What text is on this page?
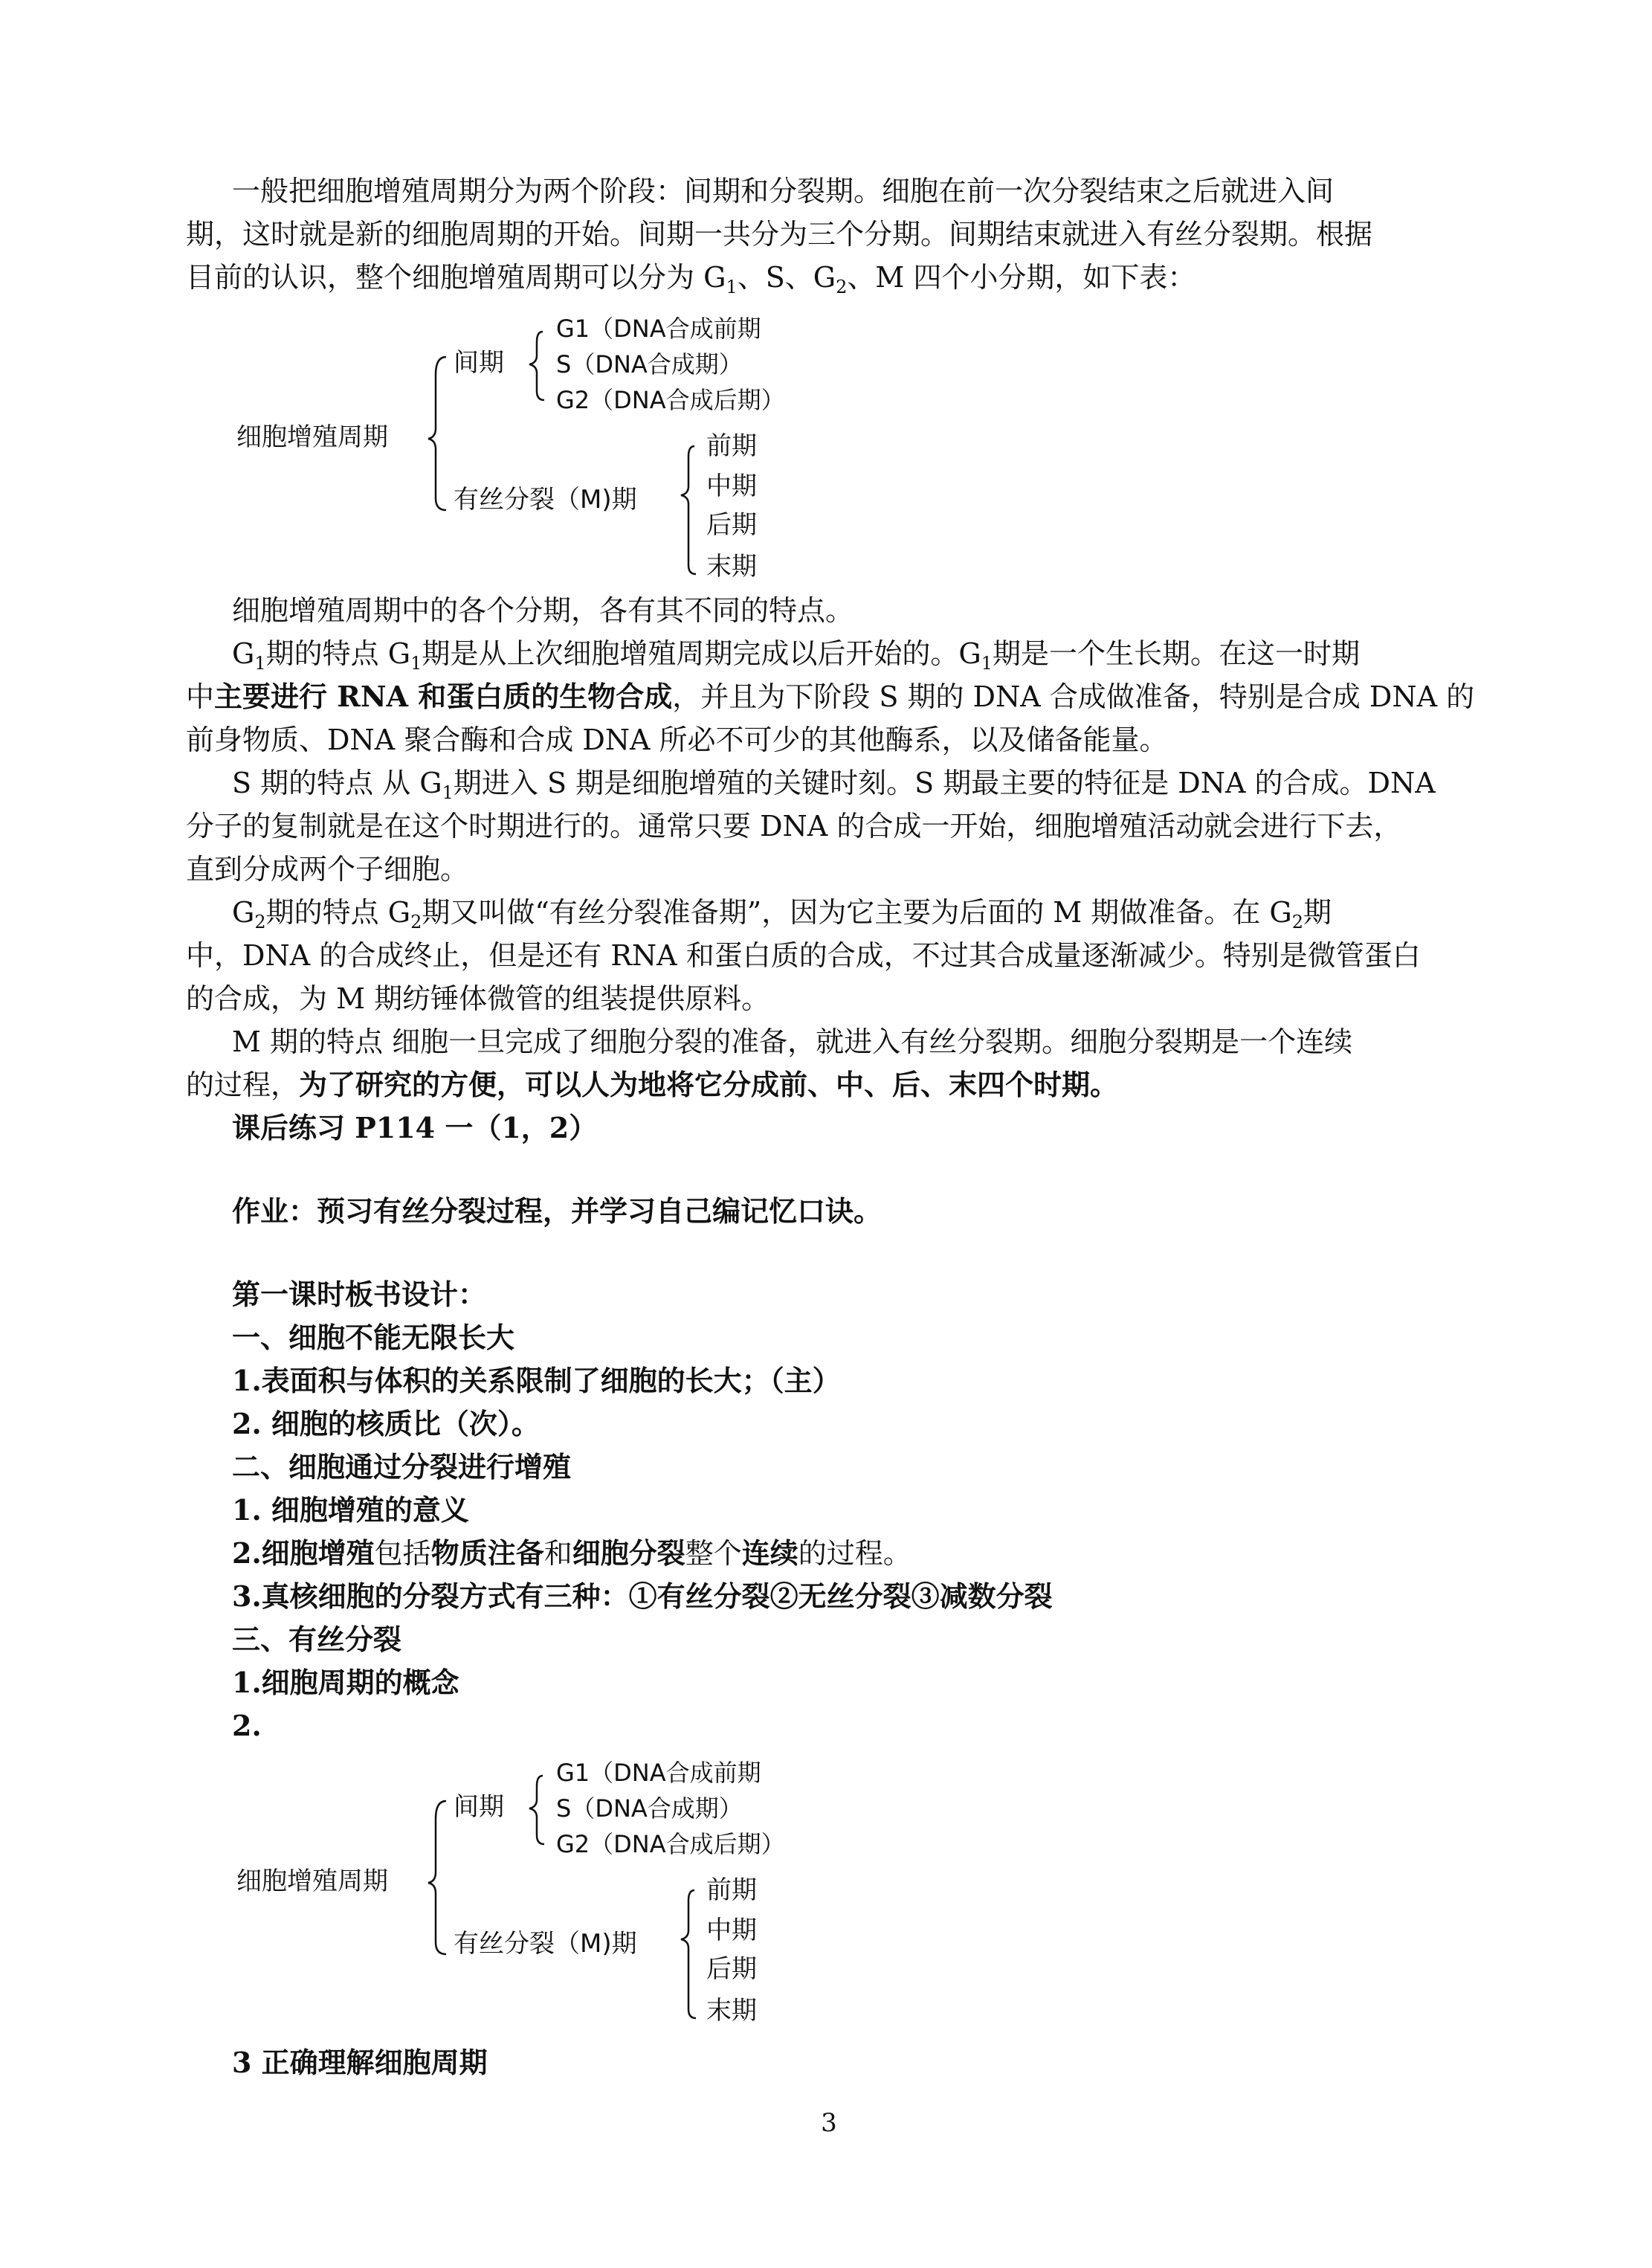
一般把细胞增殖周期分为两个阶段：间期和分裂期。细胞在前一次分裂结束之后就进入间

期，这时就是新的细胞周期的开始。间期一共分为三个分期。间期结束就进入有丝分裂期。根据

目前的认识，整个细胞增殖周期可以分为 $G_1$、S、$G_2$、M 四个小分期，如下表：

细胞增殖周期
间期
G1（DNA合成前期
S（DNA合成期）
G2（DNA合成后期）
有丝分裂（M)期
前期
中期
后期
末期

细胞增殖周期中的各个分期，各有其不同的特点。

$G_1$期的特点 $G_1$期是从上次细胞增殖周期完成以后开始的。$G_1$期是一个生长期。在这一时期

中主要进行 RNA 和蛋白质的生物合成，并且为下阶段 S 期的 DNA 合成做准备，特别是合成 DNA 的

前身物质、DNA 聚合酶和合成 DNA 所必不可少的其他酶系，以及储备能量。

S 期的特点 从 $G_1$期进入 S 期是细胞增殖的关键时刻。S 期最主要的特征是 DNA 的合成。DNA

分子的复制就是在这个时期进行的。通常只要 DNA 的合成一开始，细胞增殖活动就会进行下去，

直到分成两个子细胞。

$G_2$期的特点 $G_2$期又叫做“有丝分裂准备期”，因为它主要为后面的 M 期做准备。在 $G_2$期

中，DNA 的合成终止，但是还有 RNA 和蛋白质的合成，不过其合成量逐渐减少。特别是微管蛋白

的合成，为 M 期纺锤体微管的组装提供原料。

M 期的特点 细胞一旦完成了细胞分裂的准备，就进入有丝分裂期。细胞分裂期是一个连续

的过程，为了研究的方便，可以人为地将它分成前、中、后、末四个时期。

课后练习 P114 一（1，2）

作业：预习有丝分裂过程，并学习自己编记忆口诀。

第一课时板书设计：

一、细胞不能无限长大

1.表面积与体积的关系限制了细胞的长大；（主）

2. 细胞的核质比（次）。

二、细胞通过分裂进行增殖

1. 细胞增殖的意义

2.细胞增殖包括物质注备和细胞分裂整个连续的过程。

3.真核细胞的分裂方式有三种：①有丝分裂②无丝分裂③减数分裂

三、有丝分裂

1.细胞周期的概念

2.

细胞增殖周期
间期
G1（DNA合成前期
S（DNA合成期）
G2（DNA合成后期）
有丝分裂（M)期
前期
中期
后期
末期

3 正确理解细胞周期

3
